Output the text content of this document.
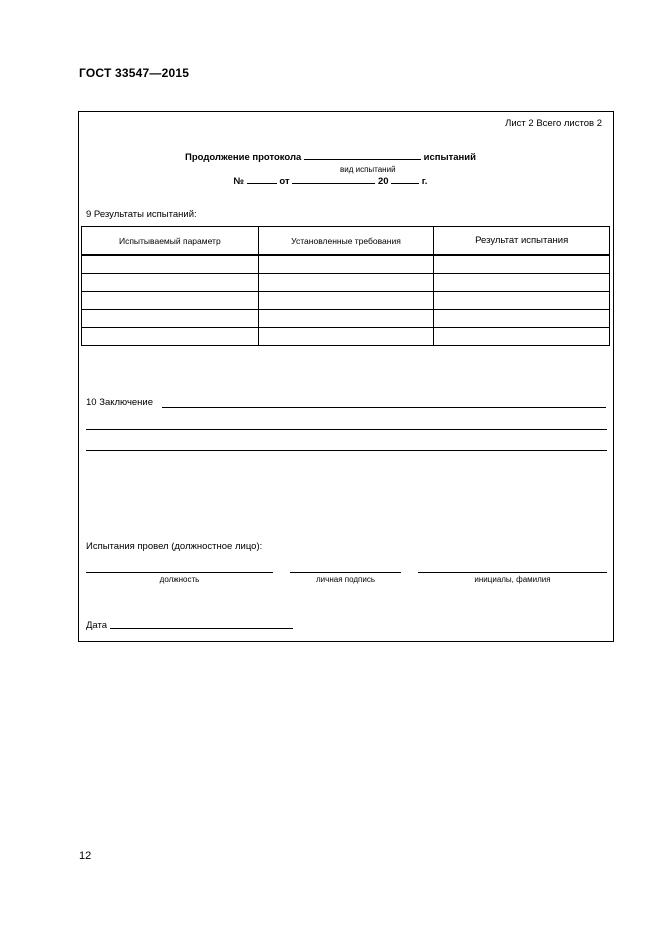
ГОСТ 33547—2015
Лист 2 Всего листов 2
Продолжение протокола	испытаний
вид испытаний
№	от	20	г.
9 Результаты испытаний:
Испытываемый параметр	Установленные требования	Результат испытания

10 Заключение
Испытания провел (должностное лицо):
должность	личная подпись	инициалы, фамилия
Дата
12
